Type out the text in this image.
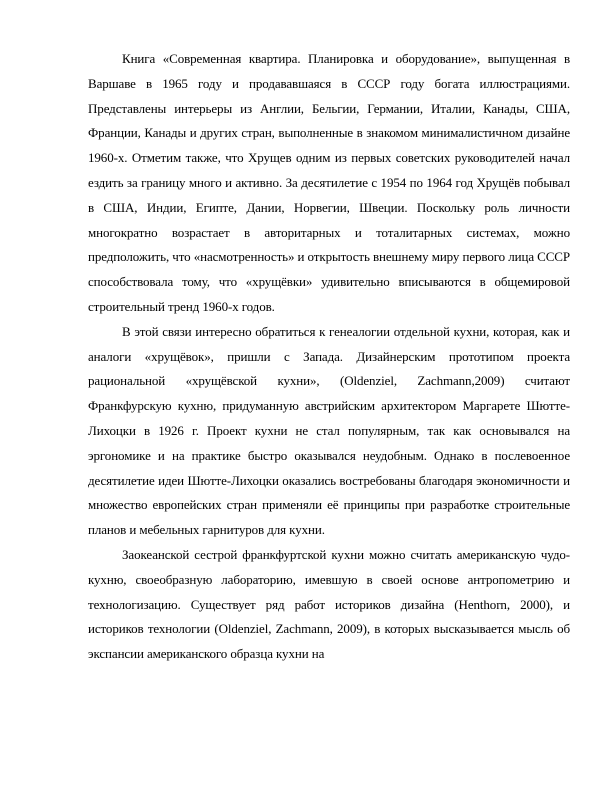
Книга «Современная квартира. Планировка и оборудование», выпущенная в Варшаве в 1965 году и продававшаяся в СССР году богата иллюстрациями. Представлены интерьеры из Англии, Бельгии, Германии, Италии, Канады, США, Франции, Канады и других стран, выполненные в знакомом минималистичном дизайне 1960-х. Отметим также, что Хрущев одним из первых советских руководителей начал ездить за границу много и активно. За десятилетие с 1954 по 1964 год Хрущёв побывал в США, Индии, Египте, Дании, Норвегии, Швеции. Поскольку роль личности многократно возрастает в авторитарных и тоталитарных системах, можно предположить, что «насмотренность» и открытость внешнему миру первого лица СССР способствовала тому, что «хрущёвки» удивительно вписываются в общемировой строительный тренд 1960-х годов.

В этой связи интересно обратиться к генеалогии отдельной кухни, которая, как и аналоги «хрущёвок», пришли с Запада. Дизайнерским прототипом проекта рациональной «хрущёвской кухни», (Oldenziel, Zachmann,2009) считают Франкфурскую кухню, придуманную австрийским архитектором Маргарете Шютте-Лихоцки в 1926 г. Проект кухни не стал популярным, так как основывался на эргономике и на практике быстро оказывался неудобным. Однако в послевоенное десятилетие идеи Шютте-Лихоцки оказались востребованы благодаря экономичности и множество европейских стран применяли её принципы при разработке строительные планов и мебельных гарнитуров для кухни.

Заокеанской сестрой франкфуртской кухни можно считать американскую чудо-кухню, своеобразную лабораторию, имевшую в своей основе антропометрию и технологизацию. Существует ряд работ историков дизайна (Henthorn, 2000), и историков технологии (Oldenziel, Zachmann, 2009), в которых высказывается мысль об экспансии американского образца кухни на
